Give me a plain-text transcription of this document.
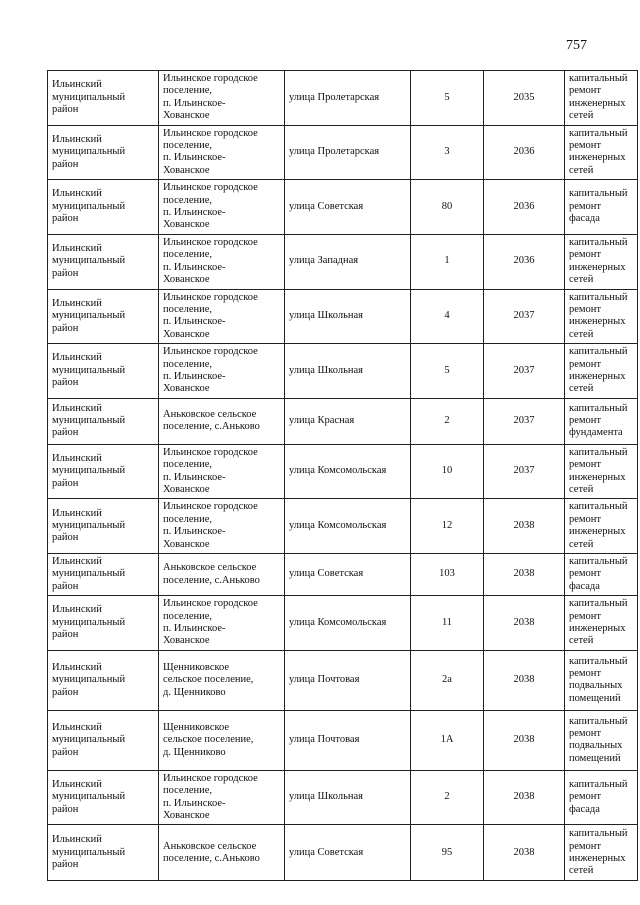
757
Ильинский
муниципальный
район	Ильинское городское
поселение,
п. Ильинское-
Хованское	улица Пролетарская	5	2035	капитальный
ремонт
инженерных
сетей
Ильинский
муниципальный
район	Ильинское городское
поселение,
п. Ильинское-
Хованское	улица Пролетарская	3	2036	капитальный
ремонт
инженерных
сетей
Ильинский
муниципальный
район	Ильинское городское
поселение,
п. Ильинское-
Хованское	улица Советская	80	2036	капитальный
ремонт фасада
Ильинский
муниципальный
район	Ильинское городское
поселение,
п. Ильинское-
Хованское	улица Западная	1	2036	капитальный
ремонт
инженерных
сетей
Ильинский
муниципальный
район	Ильинское городское
поселение,
п. Ильинское-
Хованское	улица Школьная	4	2037	капитальный
ремонт
инженерных
сетей
Ильинский
муниципальный
район	Ильинское городское
поселение,
п. Ильинское-
Хованское	улица Школьная	5	2037	капитальный
ремонт
инженерных
сетей
Ильинский
муниципальный
район	Аньковское сельское
поселение, с.Аньково	улица Красная	2	2037	капитальный
ремонт
фундамента
Ильинский
муниципальный
район	Ильинское городское
поселение,
п. Ильинское-
Хованское	улица Комсомольская	10	2037	капитальный
ремонт
инженерных
сетей
Ильинский
муниципальный
район	Ильинское городское
поселение,
п. Ильинское-
Хованское	улица Комсомольская	12	2038	капитальный
ремонт
инженерных
сетей
Ильинский
муниципальный
район	Аньковское сельское
поселение, с.Аньково	улица Советская	103	2038	капитальный
ремонт фасада
Ильинский
муниципальный
район	Ильинское городское
поселение,
п. Ильинское-
Хованское	улица Комсомольская	11	2038	капитальный
ремонт
инженерных
сетей
Ильинский
муниципальный
район	Щенниковское
сельское поселение,
д. Щенниково	улица Почтовая	2а	2038	капитальный
ремонт
подвальных
помещений
Ильинский
муниципальный
район	Щенниковское
сельское поселение,
д. Щенниково	улица Почтовая	1А	2038	капитальный
ремонт
подвальных
помещений
Ильинский
муниципальный
район	Ильинское городское
поселение,
п. Ильинское-
Хованское	улица Школьная	2	2038	капитальный
ремонт фасада
Ильинский
муниципальный
район	Аньковское сельское
поселение, с.Аньково	улица Советская	95	2038	капитальный
ремонт
инженерных
сетей
